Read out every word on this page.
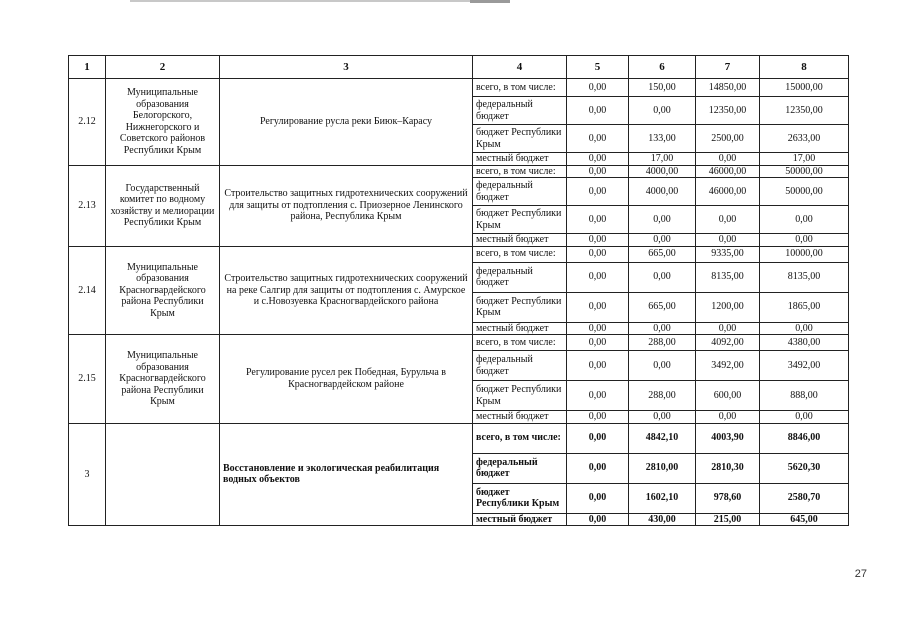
1	2	3	4	5	6	7	8
2.12	Муниципальные образования Белогорского, Нижнегорского и Советского районов Республики Крым	Регулирование русла реки Биюк–Карасу	всего, в том числе:	0,00	150,00	14850,00	15000,00
			федеральный бюджет	0,00	0,00	12350,00	12350,00
			бюджет Республики Крым	0,00	133,00	2500,00	2633,00
			местный бюджет	0,00	17,00	0,00	17,00
2.13	Государственный комитет по водному хозяйству и мелиорации Республики Крым	Строительство защитных гидротехнических сооружений для защиты от подтопления с. Приозерное Ленинского района, Республика Крым	всего, в том числе:	0,00	4000,00	46000,00	50000,00
			федеральный бюджет	0,00	4000,00	46000,00	50000,00
			бюджет Республики Крым	0,00	0,00	0,00	0,00
			местный бюджет	0,00	0,00	0,00	0,00
2.14	Муниципальные образования Красногвардейского района Республики Крым	Строительство защитных гидротехнических сооружений на реке Салгир для защиты от подтопления с. Амурское и с.Новозуевка Красногвардейского района	всего, в том числе:	0,00	665,00	9335,00	10000,00
			федеральный бюджет	0,00	0,00	8135,00	8135,00
			бюджет Республики Крым	0,00	665,00	1200,00	1865,00
			местный бюджет	0,00	0,00	0,00	0,00
2.15	Муниципальные образования Красногвардейского района Республики Крым	Регулирование русел рек Победная, Бурульча в Красногвардейском районе	всего, в том числе:	0,00	288,00	4092,00	4380,00
			федеральный бюджет	0,00	0,00	3492,00	3492,00
			бюджет Республики Крым	0,00	288,00	600,00	888,00
			местный бюджет	0,00	0,00	0,00	0,00
3		Восстановление и экологическая реабилитация водных объектов	всего, в том числе:	0,00	4842,10	4003,90	8846,00
			федеральный бюджет	0,00	2810,00	2810,30	5620,30
			бюджет Республики Крым	0,00	1602,10	978,60	2580,70
			местный бюджет	0,00	430,00	215,00	645,00
27
